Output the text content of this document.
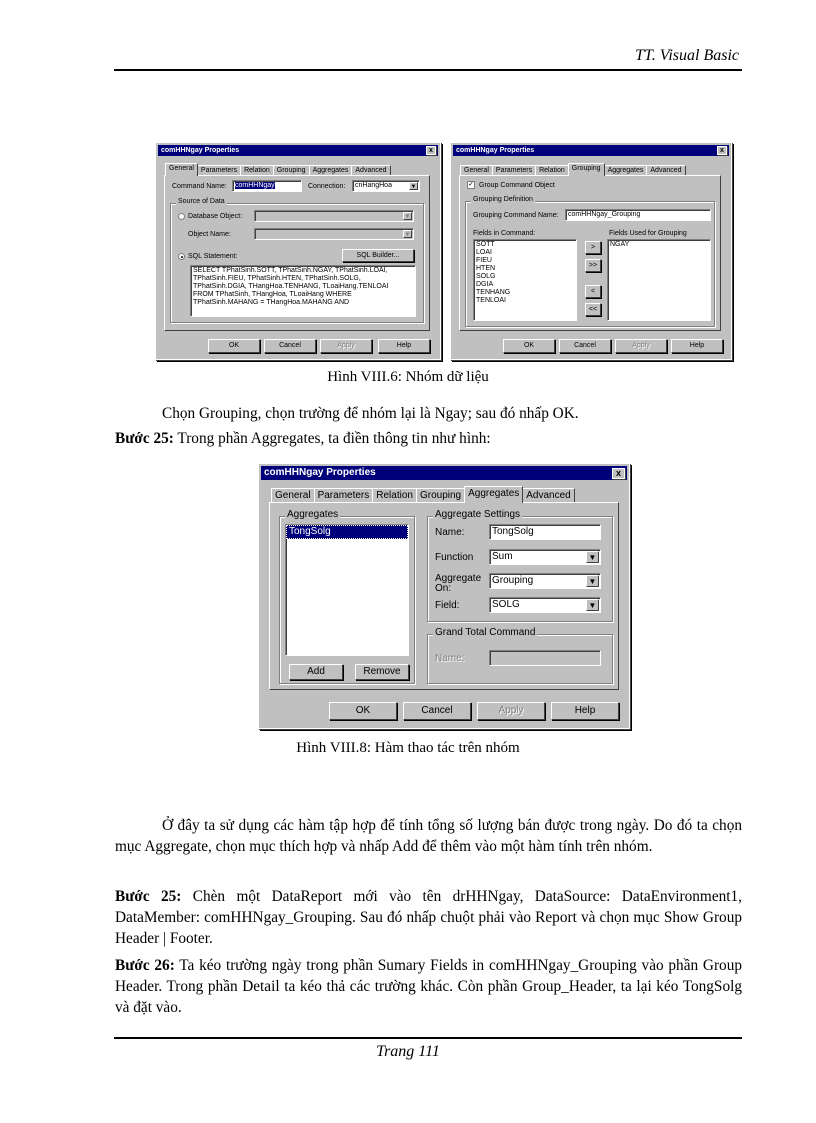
TT. Visual Basic
comHHNgay Properties	x
General Parameters Relation Grouping Aggregates Advanced
Command Name:	comHHNgay	Connection:	cnHangHoa	▼
Source of Data
Database Object:	▼
Object Name:	▼
SQL Statement:	SQL Builder...
SELECT TPhatSinh.SOTT, TPhatSinh.NGAY, TPhatSinh.LOAI,
TPhatSinh.FIEU, TPhatSinh.HTEN, TPhatSinh.SOLG,
TPhatSinh.DGIA, THangHoa.TENHANG, TLoaiHang.TENLOAI
FROM TPhatSinh, THangHoa, TLoaiHang WHERE
TPhatSinh.MAHANG = THangHoa.MAHANG AND
OK	Cancel	Apply	Help
comHHNgay Properties	x
General Parameters Relation Grouping Aggregates Advanced
✓ Group Command Object
Grouping Definition
Grouping Command Name:	comHHNgay_Grouping
Fields in Command:	Fields Used for Grouping
SOTT
LOAI
FIEU
HTEN
SOLG
DGIA
TENHANG
TENLOAI
>
>>
<
<<
NGAY
OK	Cancel	Apply	Help
Hình VIII.6: Nhóm dữ liệu
Chọn Grouping, chọn trường để nhóm lại là Ngay; sau đó nhấp OK.
Bước 25: Trong phần Aggregates, ta điền thông tin như hình:
comHHNgay Properties	x
General Parameters Relation Grouping Aggregates Advanced
Aggregates
TongSolg
Add	Remove
Aggregate Settings
Name:	TongSolg
Function	Sum	▼
Aggregate
On:
Grouping	▼
Field:	SOLG	▼
Grand Total Command
Name:
OK	Cancel	Apply	Help
Hình VIII.8: Hàm thao tác trên nhóm
Ở đây ta sử dụng các hàm tập hợp để tính tổng số lượng bán được trong ngày. Do đó ta chọn mục Aggregate, chọn mục thích hợp và nhấp Add để thêm vào một hàm tính trên nhóm.
Bước 25: Chèn một DataReport mới vào tên drHHNgay, DataSource: DataEnvironment1, DataMember: comHHNgay_Grouping. Sau đó nhấp chuột phải vào Report và chọn mục Show Group Header | Footer.
Bước 26: Ta kéo trường ngày trong phần Sumary Fields in comHHNgay_Grouping vào phần Group Header. Trong phần Detail ta kéo thả các trường khác. Còn phần Group_Header, ta lại kéo TongSolg và đặt vào.
Trang 111
